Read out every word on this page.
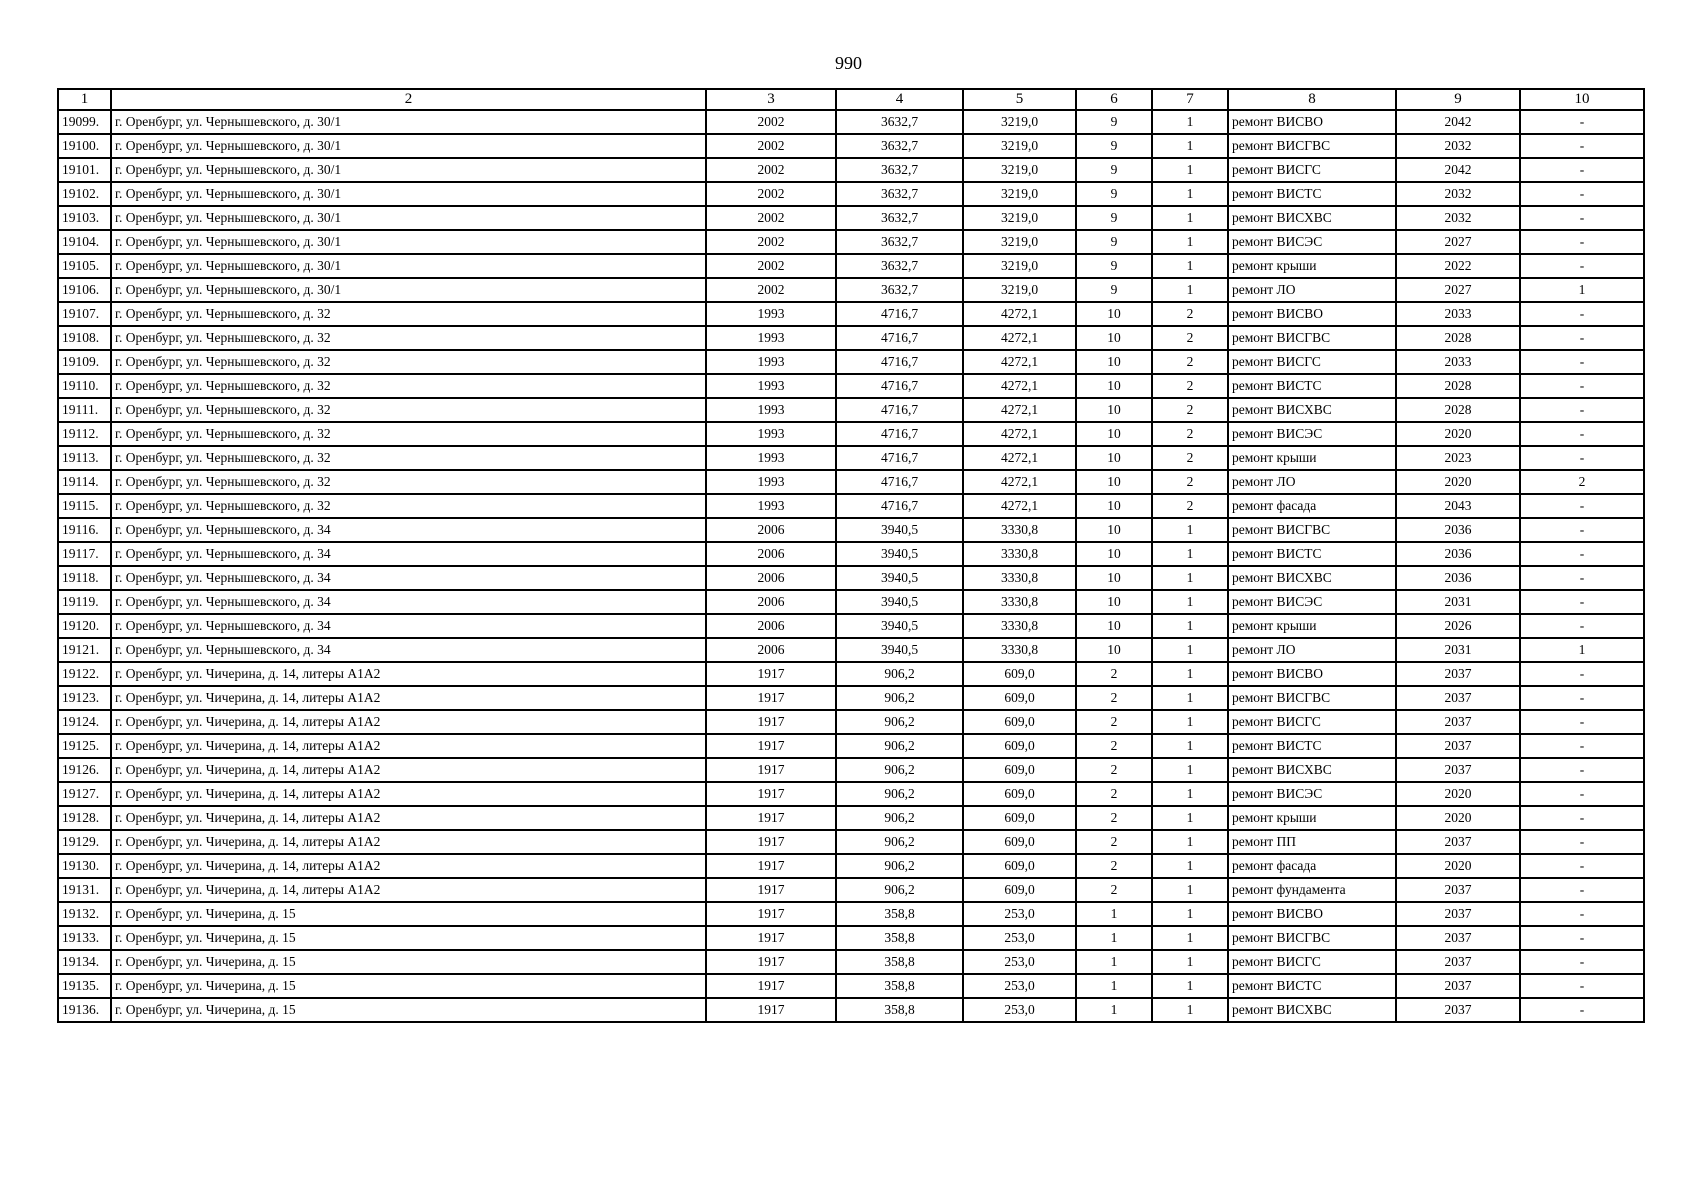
990
1	2	3	4	5	6	7	8	9	10
19099.	г. Оренбург, ул. Чернышевского, д. 30/1	2002	3632,7	3219,0	9	1	ремонт ВИСВО	2042	-
19100.	г. Оренбург, ул. Чернышевского, д. 30/1	2002	3632,7	3219,0	9	1	ремонт ВИСГВС	2032	-
19101.	г. Оренбург, ул. Чернышевского, д. 30/1	2002	3632,7	3219,0	9	1	ремонт ВИСГС	2042	-
19102.	г. Оренбург, ул. Чернышевского, д. 30/1	2002	3632,7	3219,0	9	1	ремонт ВИСТС	2032	-
19103.	г. Оренбург, ул. Чернышевского, д. 30/1	2002	3632,7	3219,0	9	1	ремонт ВИСХВС	2032	-
19104.	г. Оренбург, ул. Чернышевского, д. 30/1	2002	3632,7	3219,0	9	1	ремонт ВИСЭС	2027	-
19105.	г. Оренбург, ул. Чернышевского, д. 30/1	2002	3632,7	3219,0	9	1	ремонт крыши	2022	-
19106.	г. Оренбург, ул. Чернышевского, д. 30/1	2002	3632,7	3219,0	9	1	ремонт ЛО	2027	1
19107.	г. Оренбург, ул. Чернышевского, д. 32	1993	4716,7	4272,1	10	2	ремонт ВИСВО	2033	-
19108.	г. Оренбург, ул. Чернышевского, д. 32	1993	4716,7	4272,1	10	2	ремонт ВИСГВС	2028	-
19109.	г. Оренбург, ул. Чернышевского, д. 32	1993	4716,7	4272,1	10	2	ремонт ВИСГС	2033	-
19110.	г. Оренбург, ул. Чернышевского, д. 32	1993	4716,7	4272,1	10	2	ремонт ВИСТС	2028	-
19111.	г. Оренбург, ул. Чернышевского, д. 32	1993	4716,7	4272,1	10	2	ремонт ВИСХВС	2028	-
19112.	г. Оренбург, ул. Чернышевского, д. 32	1993	4716,7	4272,1	10	2	ремонт ВИСЭС	2020	-
19113.	г. Оренбург, ул. Чернышевского, д. 32	1993	4716,7	4272,1	10	2	ремонт крыши	2023	-
19114.	г. Оренбург, ул. Чернышевского, д. 32	1993	4716,7	4272,1	10	2	ремонт ЛО	2020	2
19115.	г. Оренбург, ул. Чернышевского, д. 32	1993	4716,7	4272,1	10	2	ремонт фасада	2043	-
19116.	г. Оренбург, ул. Чернышевского, д. 34	2006	3940,5	3330,8	10	1	ремонт ВИСГВС	2036	-
19117.	г. Оренбург, ул. Чернышевского, д. 34	2006	3940,5	3330,8	10	1	ремонт ВИСТС	2036	-
19118.	г. Оренбург, ул. Чернышевского, д. 34	2006	3940,5	3330,8	10	1	ремонт ВИСХВС	2036	-
19119.	г. Оренбург, ул. Чернышевского, д. 34	2006	3940,5	3330,8	10	1	ремонт ВИСЭС	2031	-
19120.	г. Оренбург, ул. Чернышевского, д. 34	2006	3940,5	3330,8	10	1	ремонт крыши	2026	-
19121.	г. Оренбург, ул. Чернышевского, д. 34	2006	3940,5	3330,8	10	1	ремонт ЛО	2031	1
19122.	г. Оренбург, ул. Чичерина, д. 14, литеры А1А2	1917	906,2	609,0	2	1	ремонт ВИСВО	2037	-
19123.	г. Оренбург, ул. Чичерина, д. 14, литеры А1А2	1917	906,2	609,0	2	1	ремонт ВИСГВС	2037	-
19124.	г. Оренбург, ул. Чичерина, д. 14, литеры А1А2	1917	906,2	609,0	2	1	ремонт ВИСГС	2037	-
19125.	г. Оренбург, ул. Чичерина, д. 14, литеры А1А2	1917	906,2	609,0	2	1	ремонт ВИСТС	2037	-
19126.	г. Оренбург, ул. Чичерина, д. 14, литеры А1А2	1917	906,2	609,0	2	1	ремонт ВИСХВС	2037	-
19127.	г. Оренбург, ул. Чичерина, д. 14, литеры А1А2	1917	906,2	609,0	2	1	ремонт ВИСЭС	2020	-
19128.	г. Оренбург, ул. Чичерина, д. 14, литеры А1А2	1917	906,2	609,0	2	1	ремонт крыши	2020	-
19129.	г. Оренбург, ул. Чичерина, д. 14, литеры А1А2	1917	906,2	609,0	2	1	ремонт ПП	2037	-
19130.	г. Оренбург, ул. Чичерина, д. 14, литеры А1А2	1917	906,2	609,0	2	1	ремонт фасада	2020	-
19131.	г. Оренбург, ул. Чичерина, д. 14, литеры А1А2	1917	906,2	609,0	2	1	ремонт фундамента	2037	-
19132.	г. Оренбург, ул. Чичерина, д. 15	1917	358,8	253,0	1	1	ремонт ВИСВО	2037	-
19133.	г. Оренбург, ул. Чичерина, д. 15	1917	358,8	253,0	1	1	ремонт ВИСГВС	2037	-
19134.	г. Оренбург, ул. Чичерина, д. 15	1917	358,8	253,0	1	1	ремонт ВИСГС	2037	-
19135.	г. Оренбург, ул. Чичерина, д. 15	1917	358,8	253,0	1	1	ремонт ВИСТС	2037	-
19136.	г. Оренбург, ул. Чичерина, д. 15	1917	358,8	253,0	1	1	ремонт ВИСХВС	2037	-
